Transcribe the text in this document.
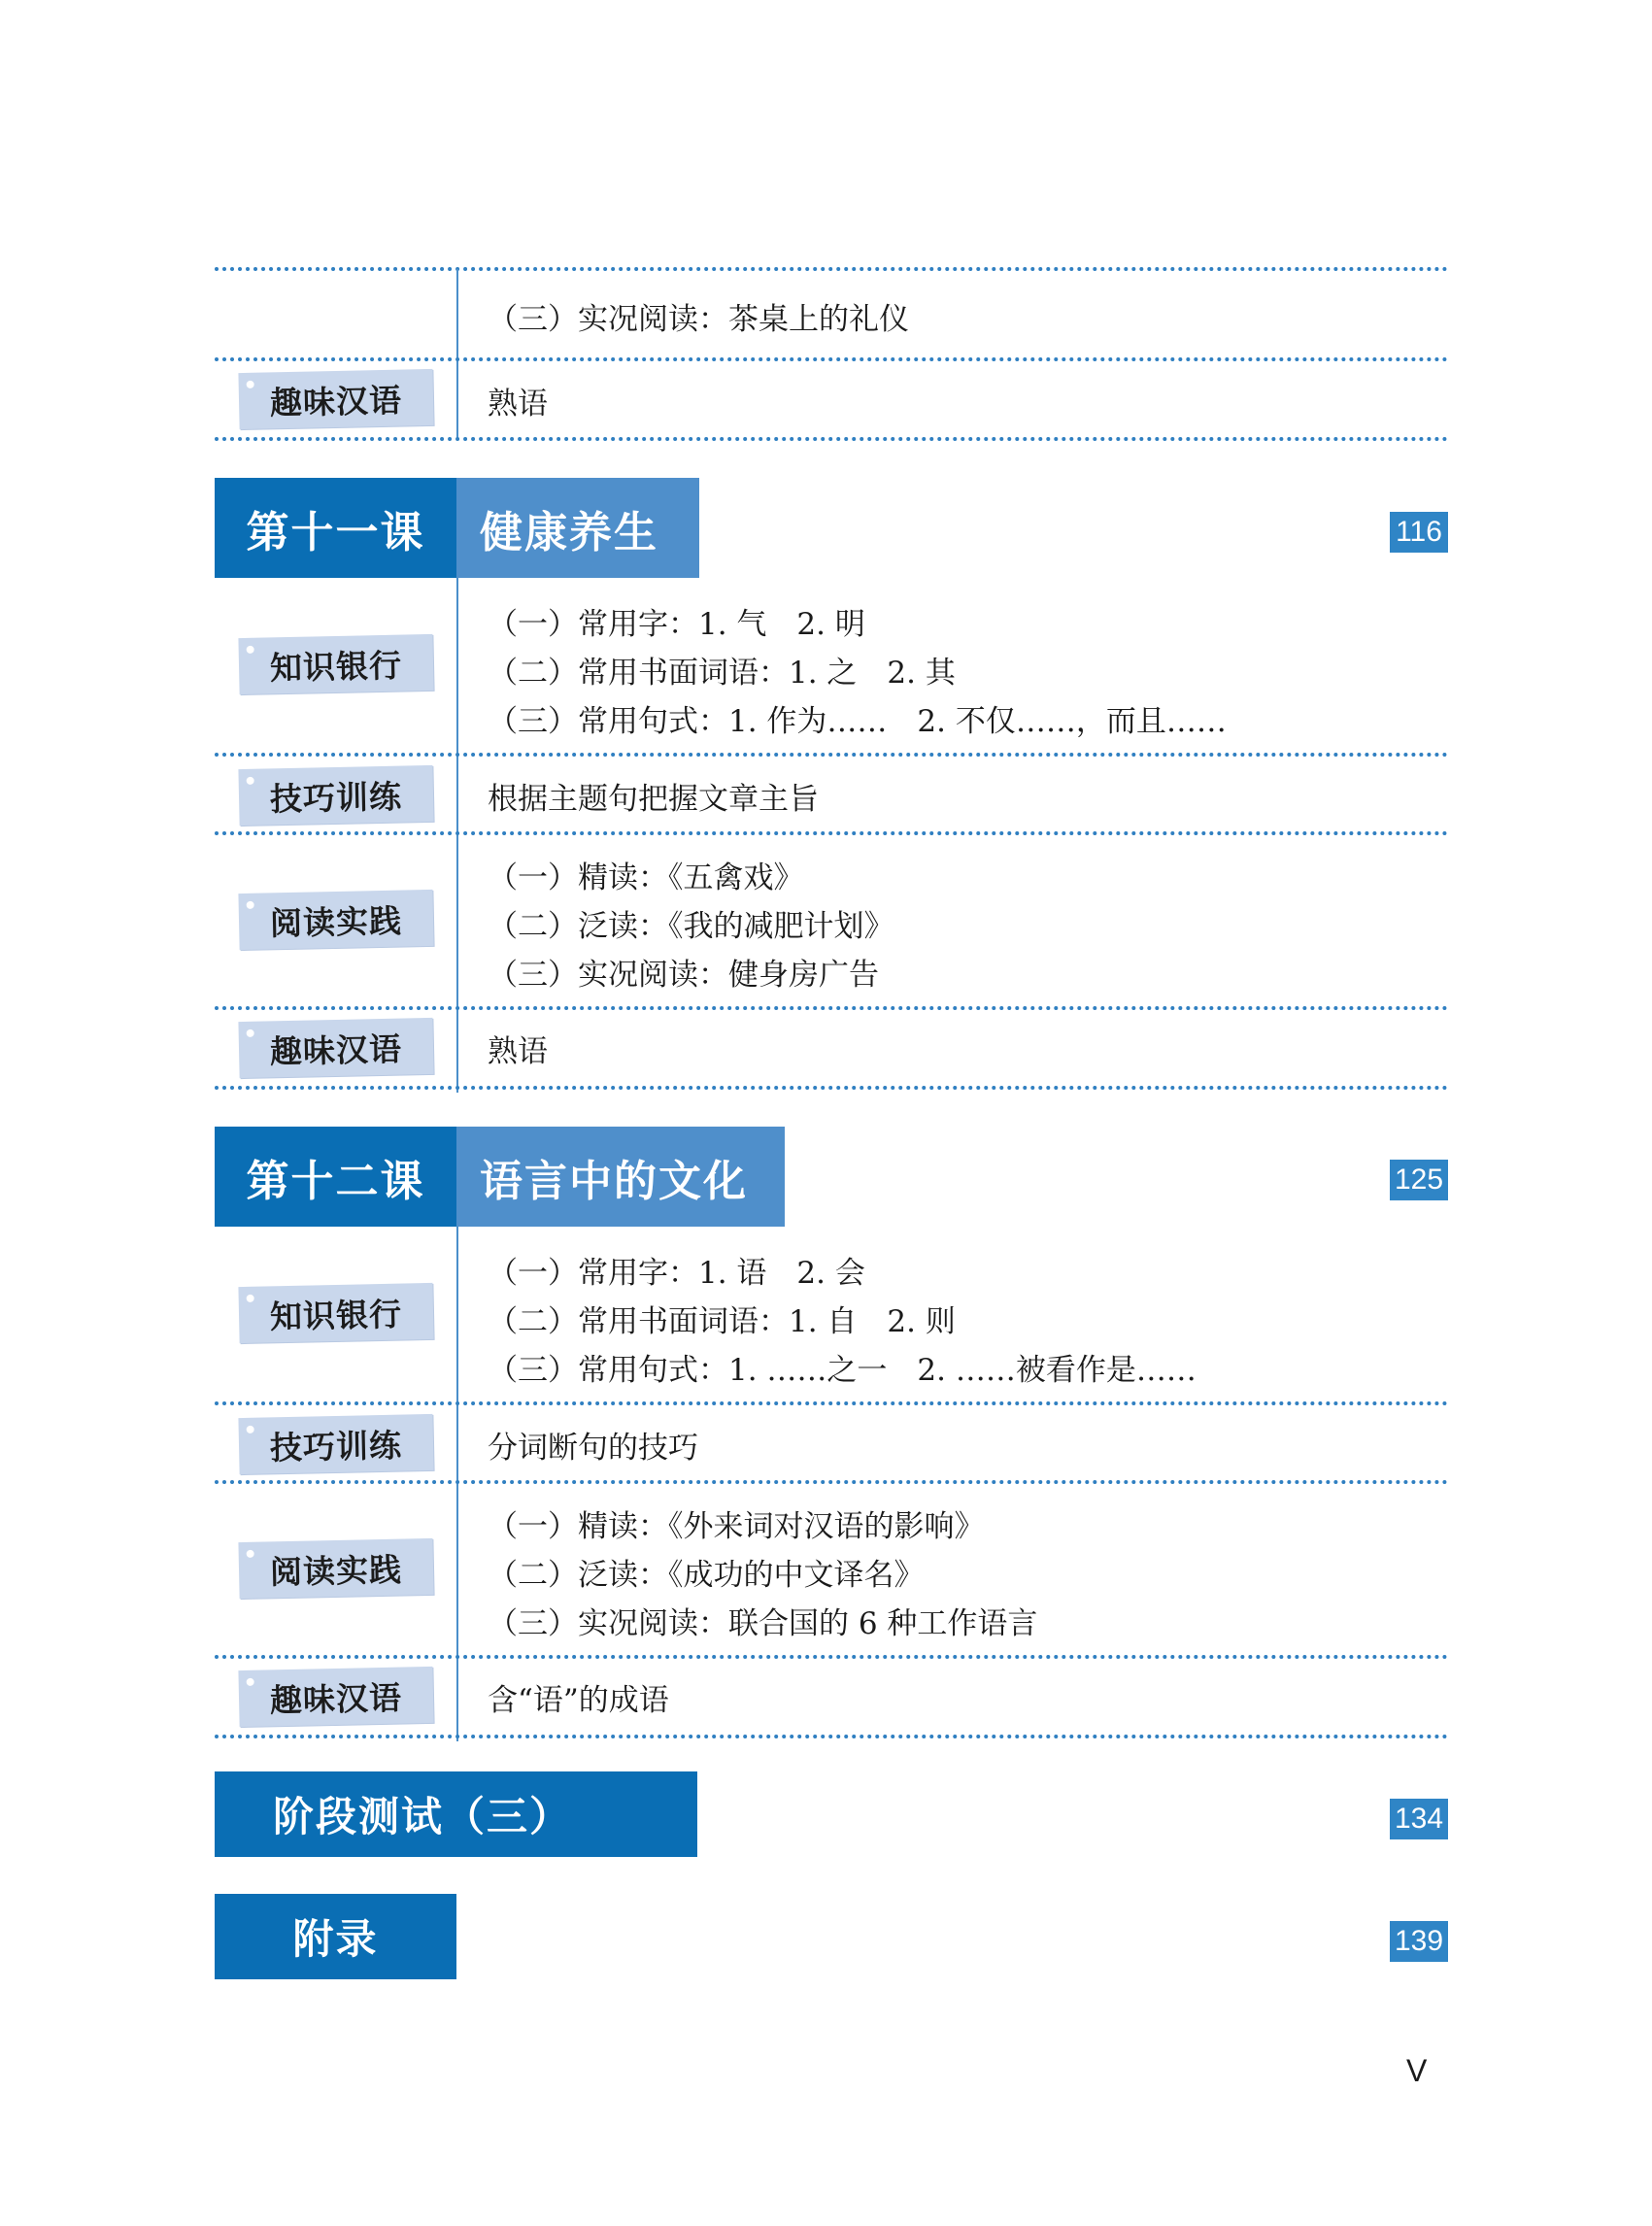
（三）实况阅读：茶桌上的礼仪
趣味汉语	熟语
第十一课	健康养生	116
知识银行
（一）常用字：1. 气　2. 明
（二）常用书面词语：1. 之　2. 其
（三）常用句式：1. 作为……　2. 不仅……，而且……
技巧训练	根据主题句把握文章主旨
阅读实践
（一）精读：《五禽戏》
（二）泛读：《我的减肥计划》
（三）实况阅读：健身房广告
趣味汉语	熟语
第十二课	语言中的文化	125
知识银行
（一）常用字：1. 语　2. 会
（二）常用书面词语：1. 自　2. 则
（三）常用句式：1. ……之一　2. ……被看作是……
技巧训练	分词断句的技巧
阅读实践
（一）精读：《外来词对汉语的影响》
（二）泛读：《成功的中文译名》
（三）实况阅读：联合国的 6 种工作语言
趣味汉语	含“语”的成语
阶段测试（三）	134
附录	139
V
